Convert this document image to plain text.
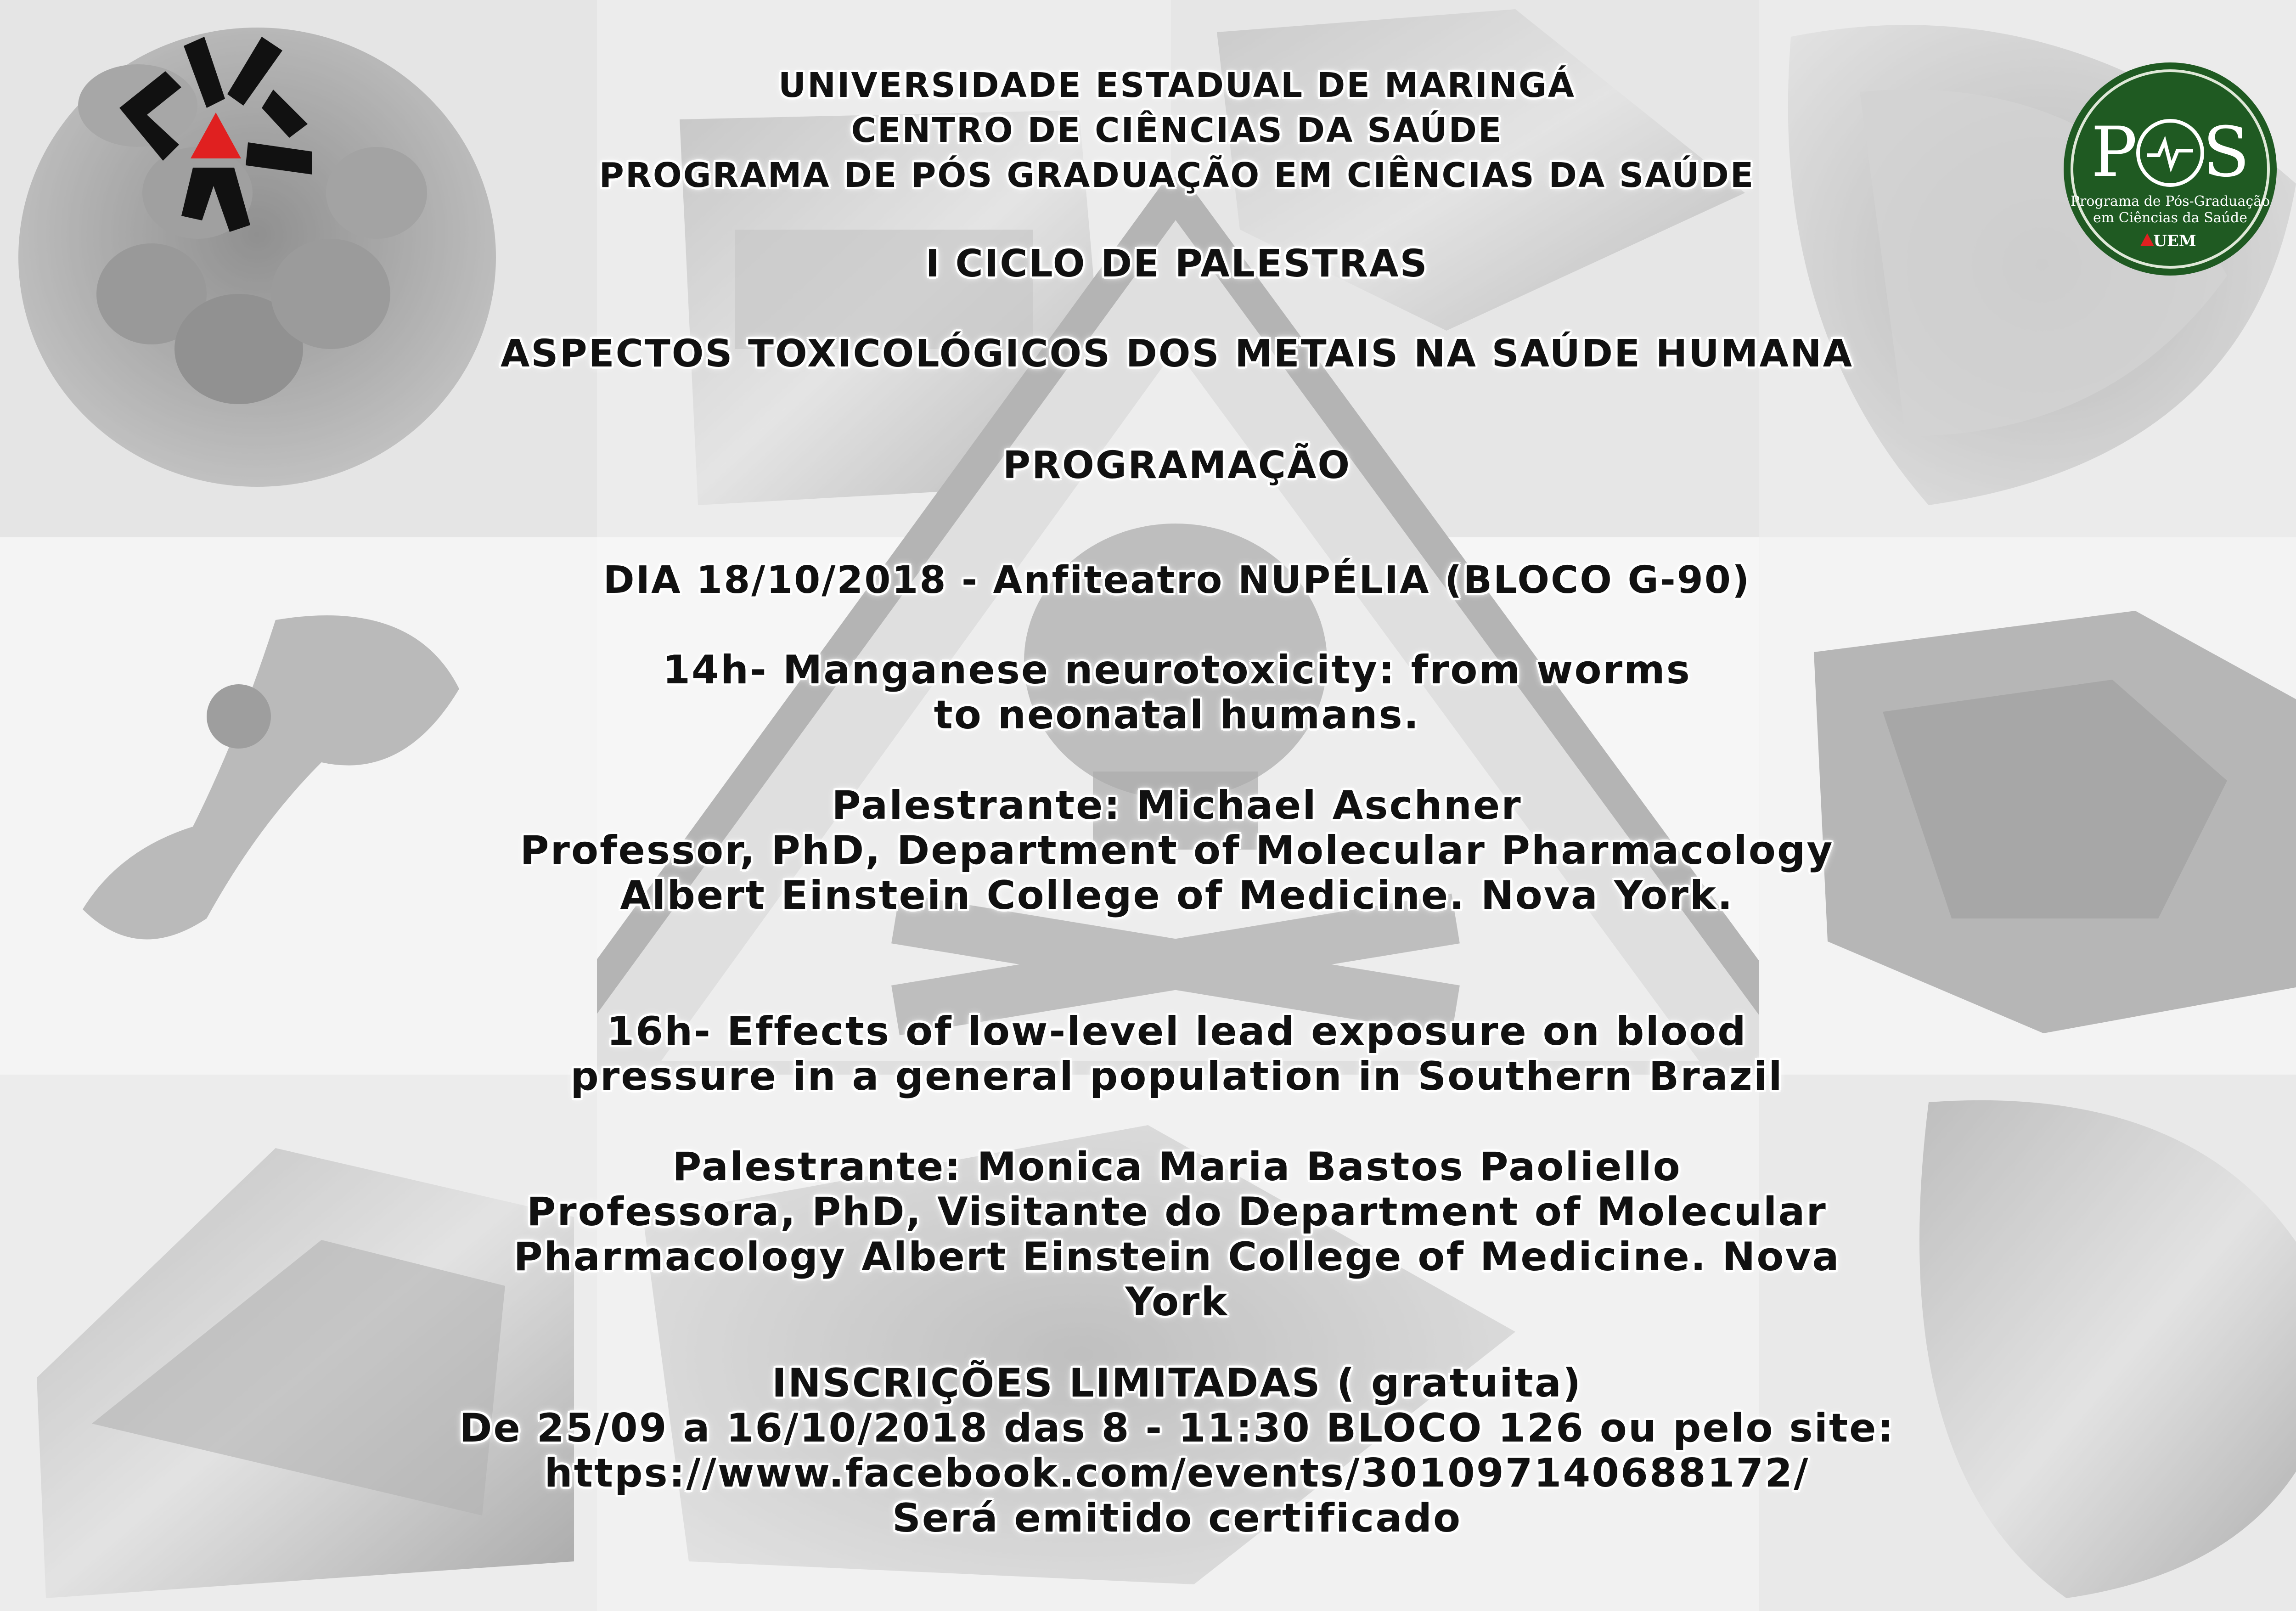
P S
Programa de Pós-Graduação
em Ciências da Saúde
UEM
UNIVERSIDADE ESTADUAL DE MARINGÁ
CENTRO DE CIÊNCIAS DA SAÚDE
PROGRAMA DE PÓS GRADUAÇÃO EM CIÊNCIAS DA SAÚDE
I CICLO DE PALESTRAS
ASPECTOS TOXICOLÓGICOS DOS METAIS NA SAÚDE HUMANA
PROGRAMAÇÃO
DIA 18/10/2018 - Anfiteatro NUPÉLIA (BLOCO G-90)
14h- Manganese neurotoxicity: from worms
to neonatal humans.
Palestrante: Michael Aschner
Professor, PhD, Department of Molecular Pharmacology
Albert Einstein College of Medicine. Nova York.
16h- Effects of low-level lead exposure on blood
pressure in a general population in Southern Brazil
Palestrante: Monica Maria Bastos Paoliello
Professora, PhD, Visitante do Department of Molecular
Pharmacology Albert Einstein College of Medicine. Nova
York
INSCRIÇÕES LIMITADAS ( gratuita)
De 25/09 a 16/10/2018 das 8 - 11:30 BLOCO 126 ou pelo site:
https://www.facebook.com/events/301097140688172/
Será emitido certificado
